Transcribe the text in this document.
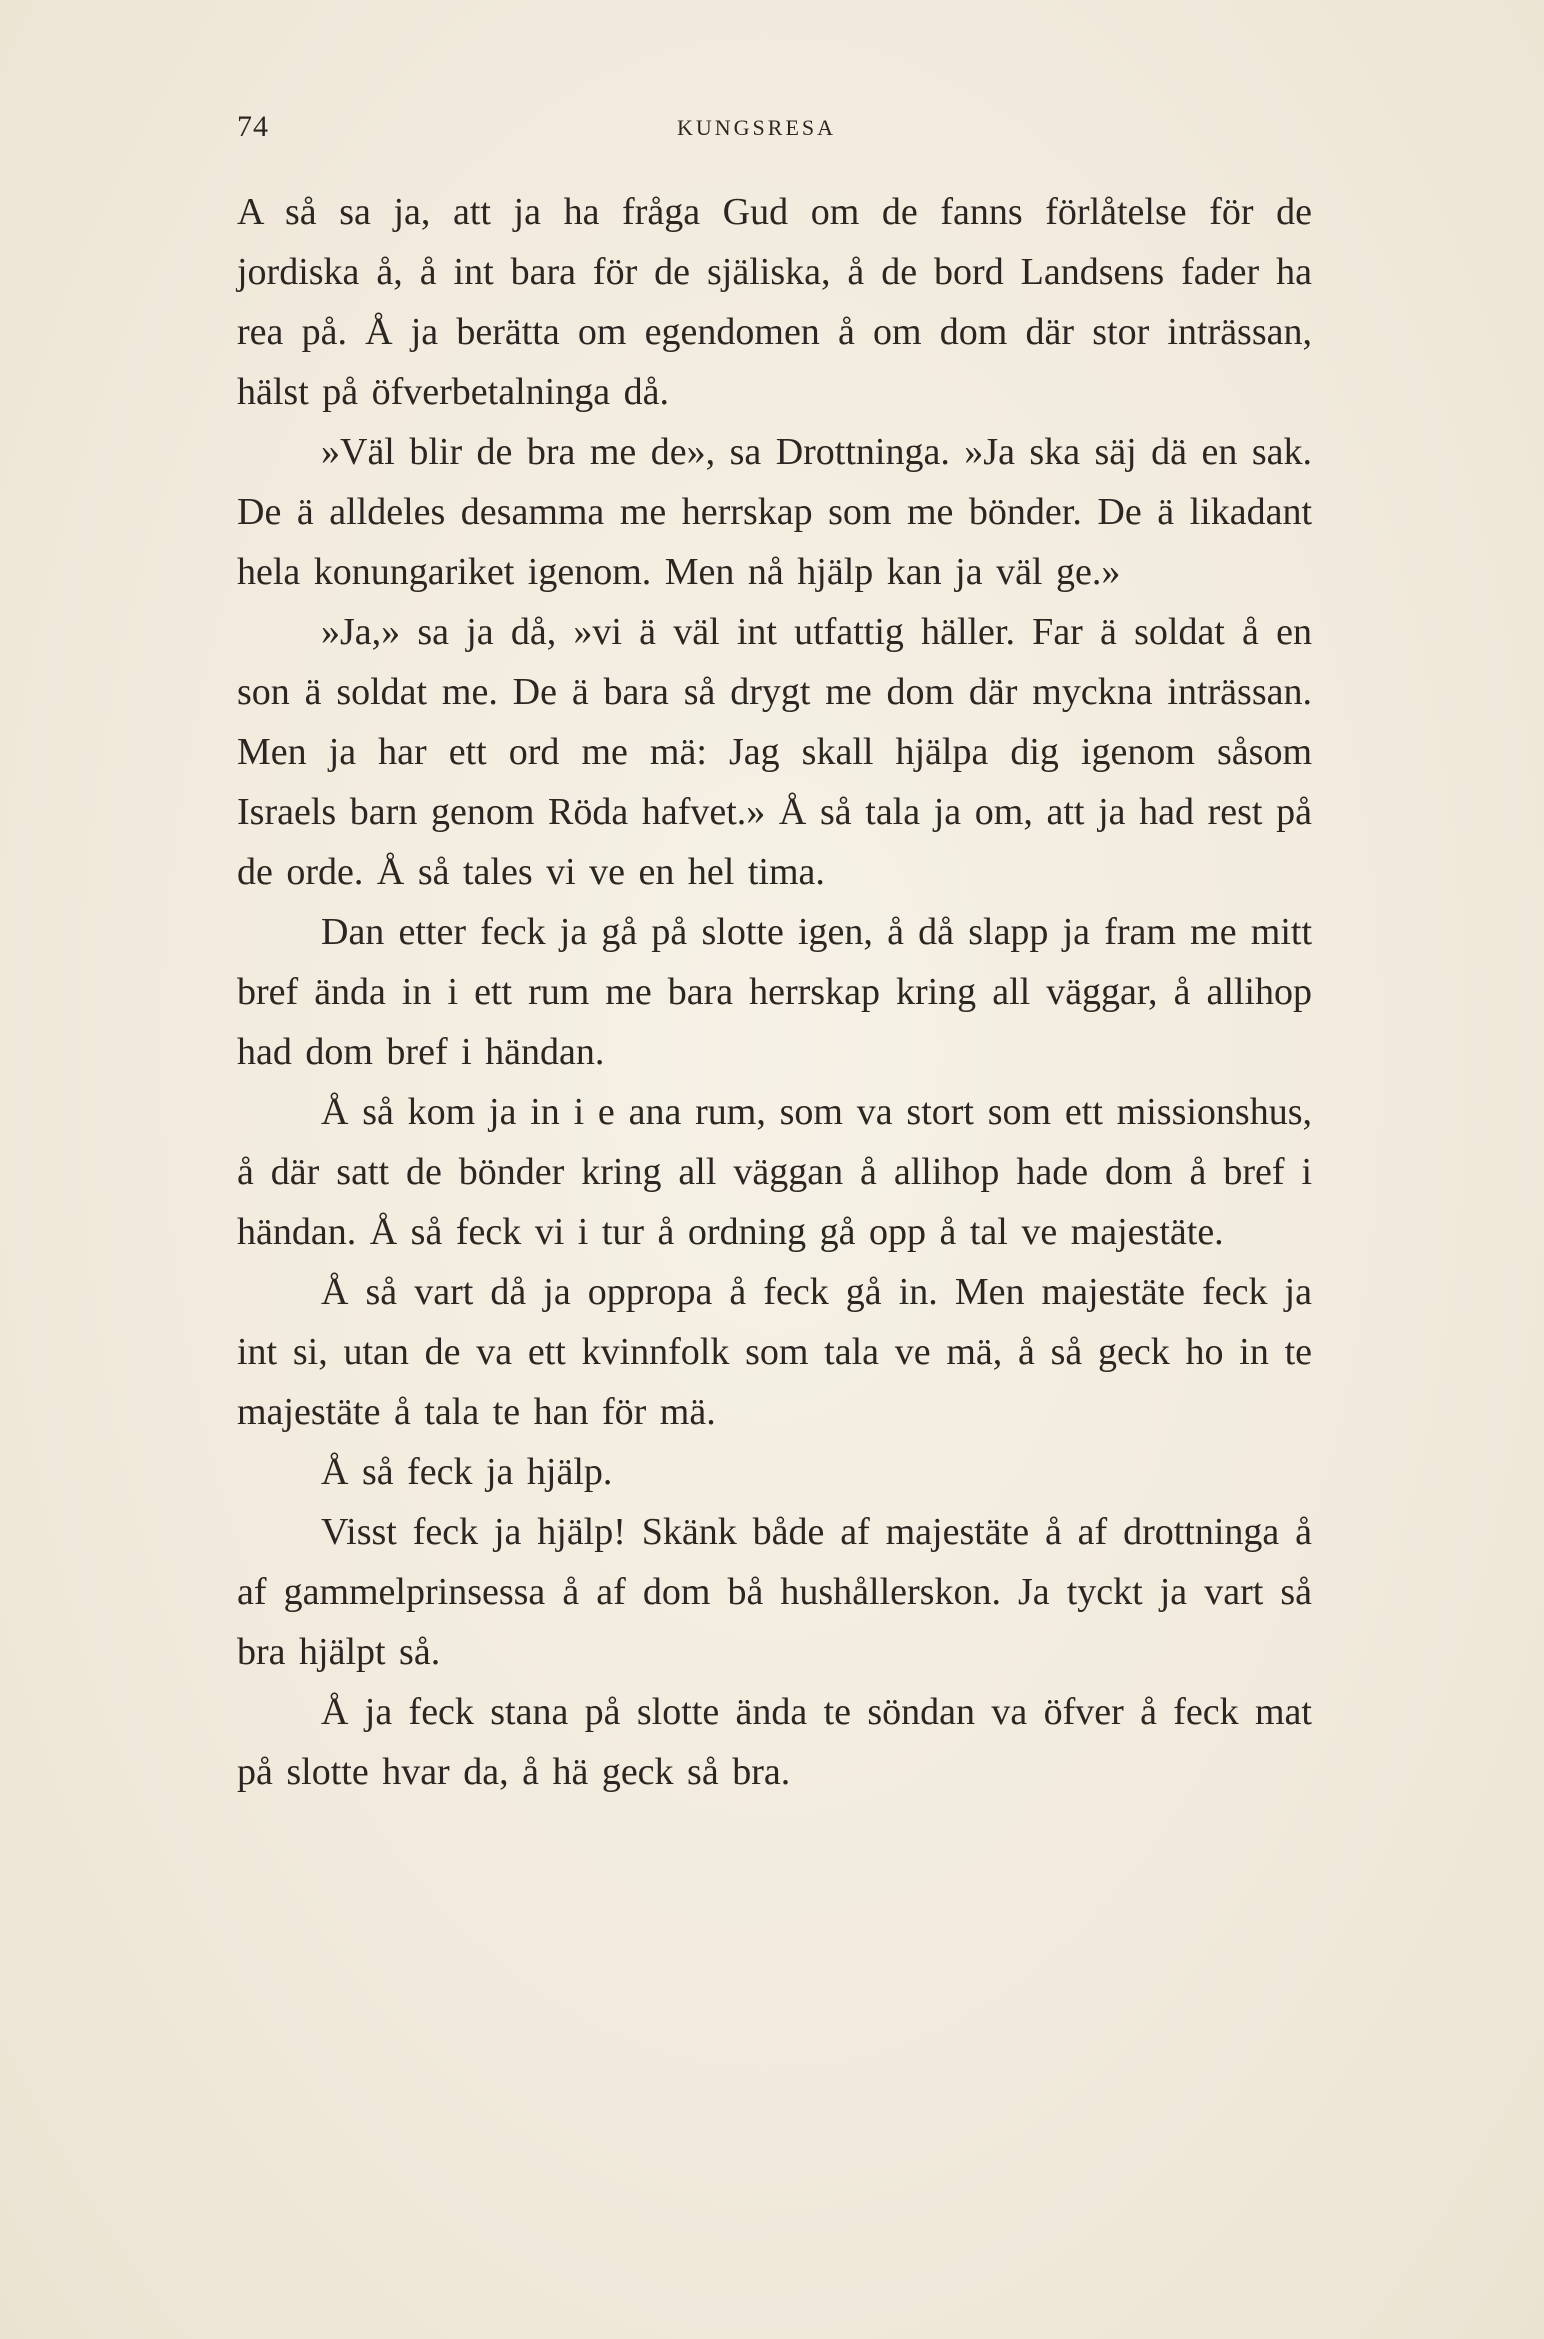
74	KUNGSRESA

A så sa ja, att ja ha fråga Gud om de fanns förlåtelse för de jordiska å, å int bara för de själiska, å de bord Landsens fader ha rea på. Å ja berätta om egendomen å om dom där stor inträssan, hälst på öfverbetalninga då.

»Väl blir de bra me de», sa Drottninga. »Ja ska säj dä en sak. De ä alldeles desamma me herrskap som me bönder. De ä likadant hela konungariket igenom. Men nå hjälp kan ja väl ge.»

»Ja,» sa ja då, »vi ä väl int utfattig häller. Far ä soldat å en son ä soldat me. De ä bara så drygt me dom där myckna inträssan. Men ja har ett ord me mä: Jag skall hjälpa dig igenom såsom Israels barn genom Röda hafvet.» Å så tala ja om, att ja had rest på de orde. Å så tales vi ve en hel tima.

Dan etter feck ja gå på slotte igen, å då slapp ja fram me mitt bref ända in i ett rum me bara herrskap kring all väggar, å allihop had dom bref i händan.

Å så kom ja in i e ana rum, som va stort som ett missionshus, å där satt de bönder kring all väggan å allihop hade dom å bref i händan. Å så feck vi i tur å ordning gå opp å tal ve majestäte.

Å så vart då ja oppropa å feck gå in. Men majestäte feck ja int si, utan de va ett kvinnfolk som tala ve mä, å så geck ho in te majestäte å tala te han för mä.

Å så feck ja hjälp.

Visst feck ja hjälp! Skänk både af majestäte å af drottninga å af gammelprinsessa å af dom bå hushållerskon. Ja tyckt ja vart så bra hjälpt så.

Å ja feck stana på slotte ända te söndan va öfver å feck mat på slotte hvar da, å hä geck så bra.
